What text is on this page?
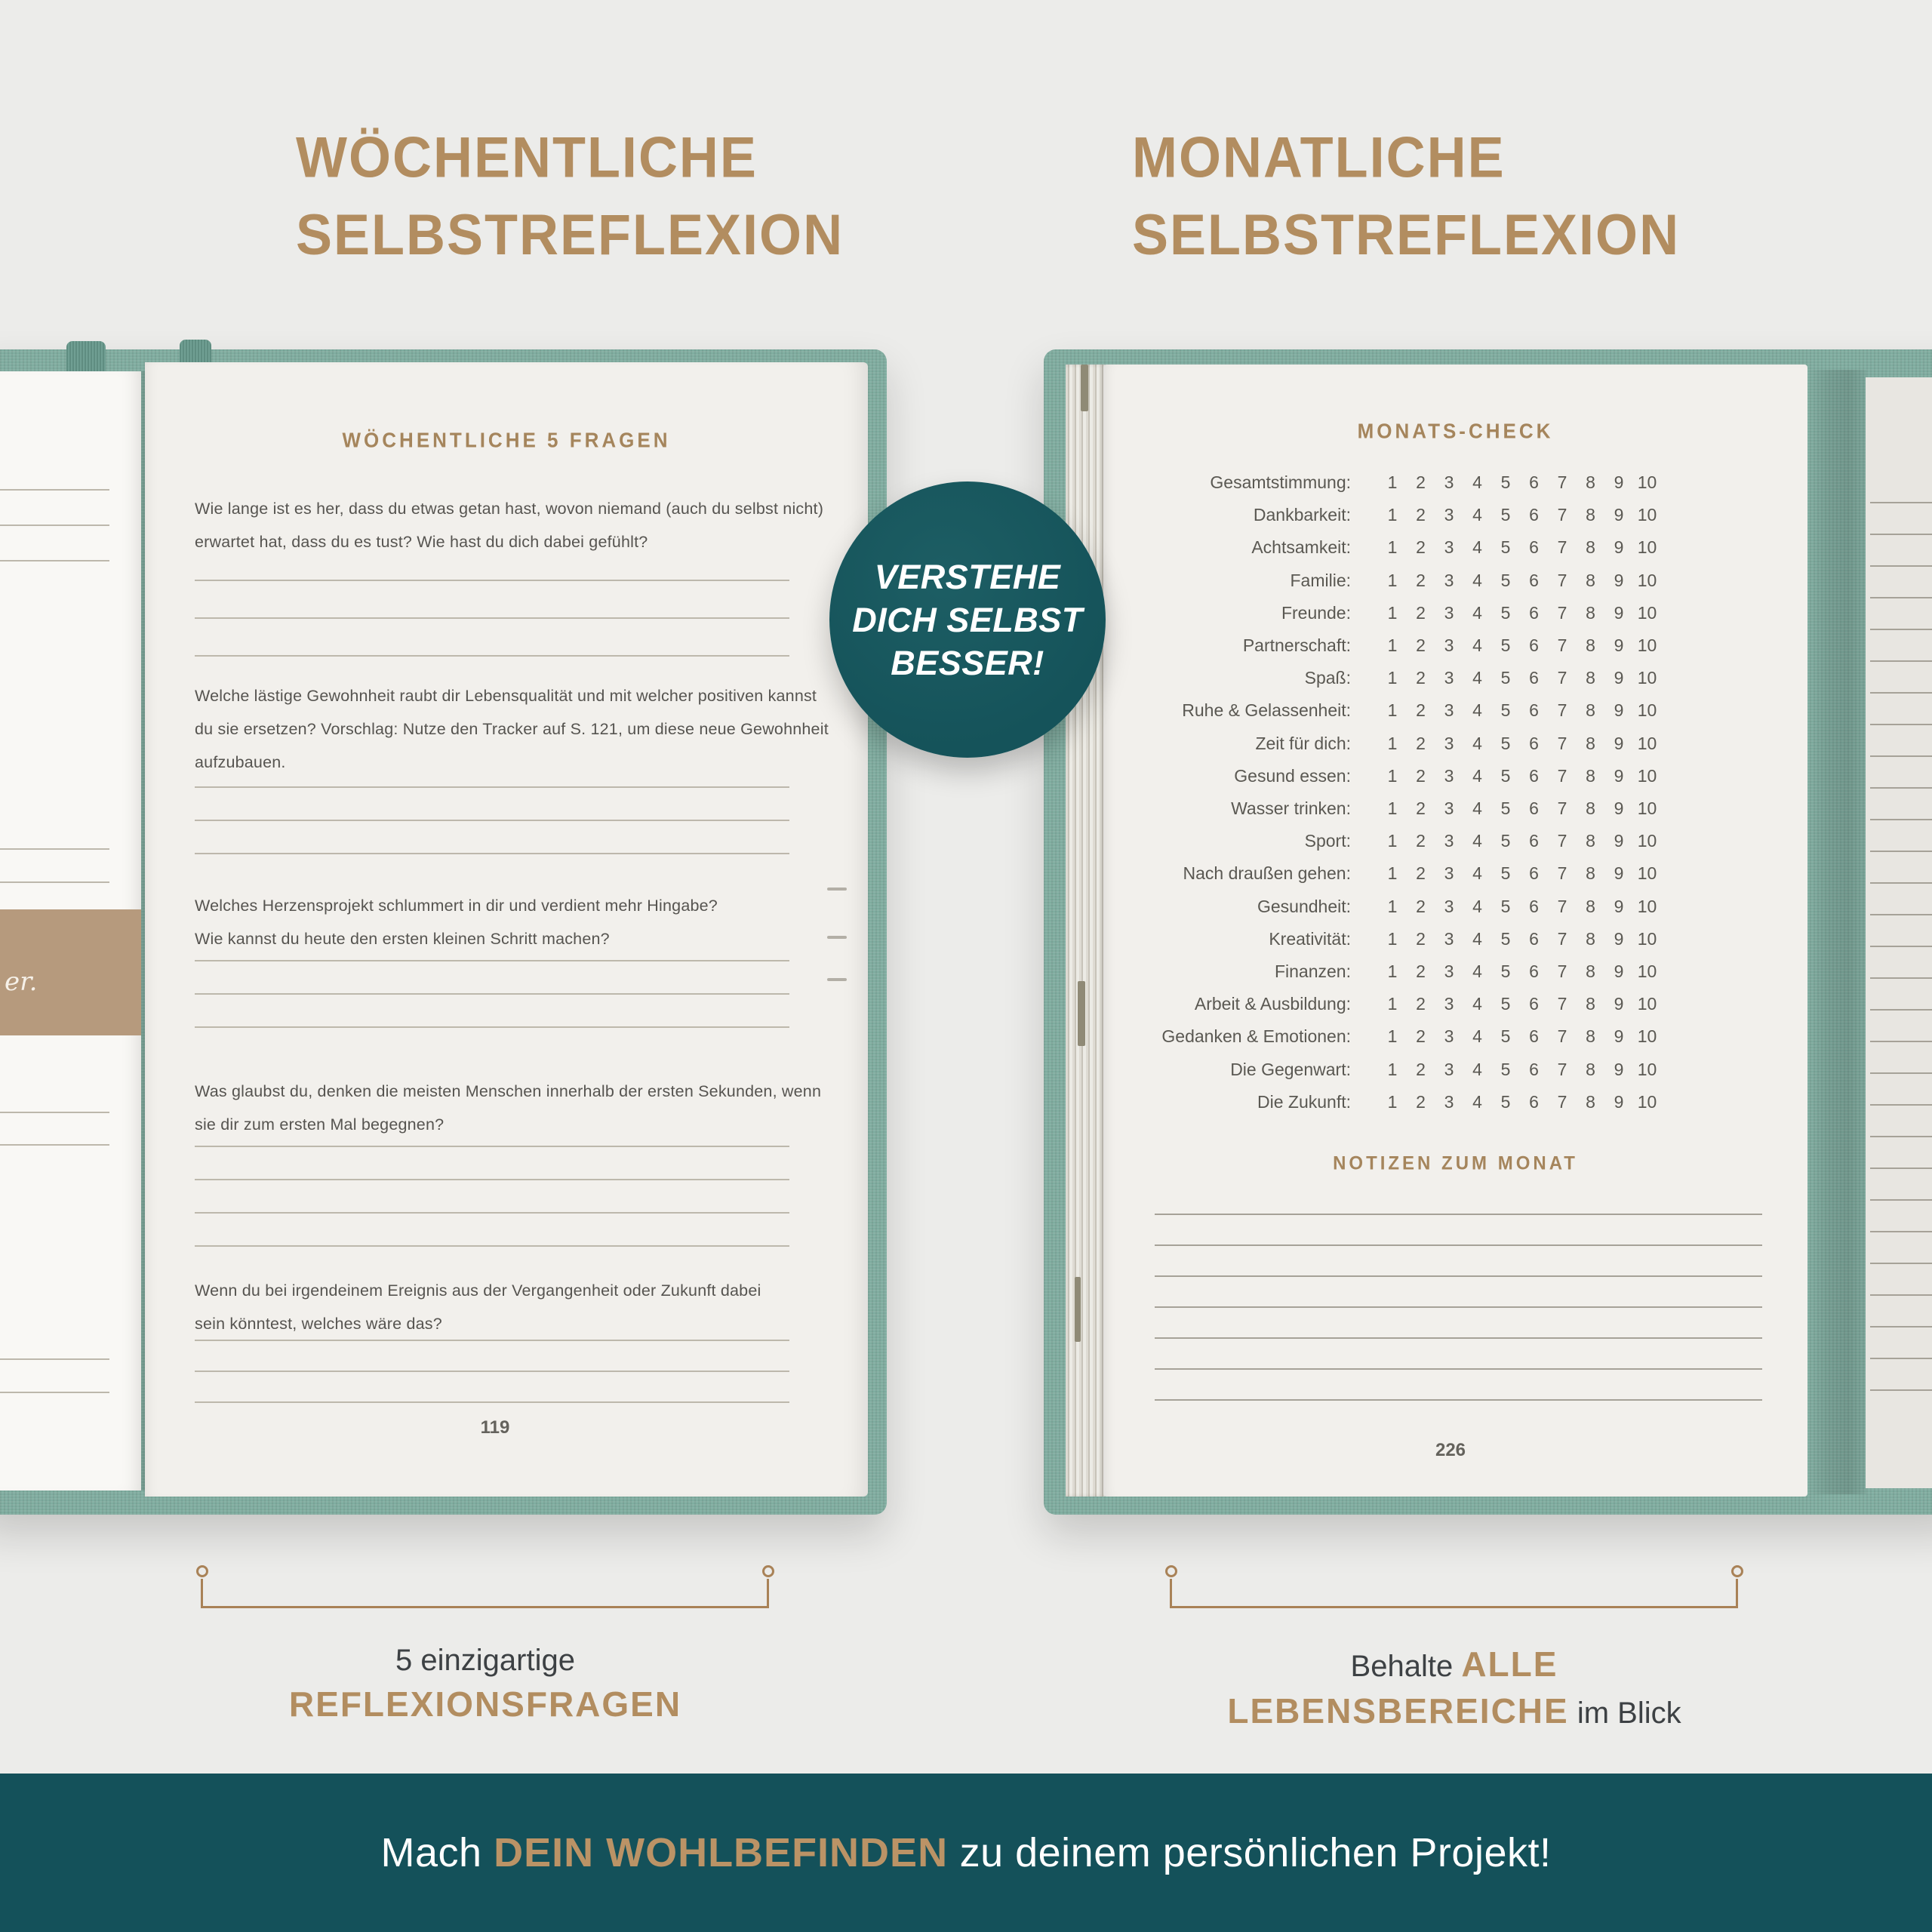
WÖCHENTLICHE
SELBSTREFLEXION
MONATLICHE
SELBSTREFLEXION
er.
WÖCHENTLICHE 5 FRAGEN
Wie lange ist es her, dass du etwas getan hast, wovon niemand (auch du selbst nicht)
erwartet hat, dass du es tust? Wie hast du dich dabei gefühlt?
Welche lästige Gewohnheit raubt dir Lebensqualität und mit welcher positiven kannst
du sie ersetzen? Vorschlag: Nutze den Tracker auf S. 121, um diese neue Gewohnheit
aufzubauen.
Welches Herzensprojekt schlummert in dir und verdient mehr Hingabe?
Wie kannst du heute den ersten kleinen Schritt machen?
Was glaubst du, denken die meisten Menschen innerhalb der ersten Sekunden, wenn
sie dir zum ersten Mal begegnen?
Wenn du bei irgendeinem Ereignis aus der Vergangenheit oder Zukunft dabei
sein könntest, welches wäre das?
119
MONATS-CHECK
Gesamtstimmung:	1	2	3	4	5	6	7	8	9 10
Dankbarkeit:	1	2	3	4	5	6	7	8	9 10
Achtsamkeit:	1	2	3	4	5	6	7	8	9 10
Familie:	1	2	3	4	5	6	7	8	9 10
Freunde:	1	2	3	4	5	6	7	8	9 10
Partnerschaft:	1	2	3	4	5	6	7	8	9 10
Spaß:	1	2	3	4	5	6	7	8	9 10
Ruhe & Gelassenheit:	1	2	3	4	5	6	7	8	9 10
Zeit für dich:	1	2	3	4	5	6	7	8	9 10
Gesund essen:	1	2	3	4	5	6	7	8	9 10
Wasser trinken:	1	2	3	4	5	6	7	8	9 10
Sport:	1	2	3	4	5	6	7	8	9 10
Nach draußen gehen:	1	2	3	4	5	6	7	8	9 10
Gesundheit:	1	2	3	4	5	6	7	8	9 10
Kreativität:	1	2	3	4	5	6	7	8	9 10
Finanzen:	1	2	3	4	5	6	7	8	9 10
Arbeit & Ausbildung:	1	2	3	4	5	6	7	8	9 10
Gedanken & Emotionen:	1	2	3	4	5	6	7	8	9 10
Die Gegenwart:	1	2	3	4	5	6	7	8	9 10
Die Zukunft:	1	2	3	4	5	6	7	8	9 10
NOTIZEN ZUM MONAT
226
VERSTEHE
DICH SELBST
BESSER!
5 einzigartige
REFLEXIONSFRAGEN
Behalte ALLE
LEBENSBEREICHE im Blick
Mach DEIN WOHLBEFINDEN zu deinem persönlichen Projekt!
